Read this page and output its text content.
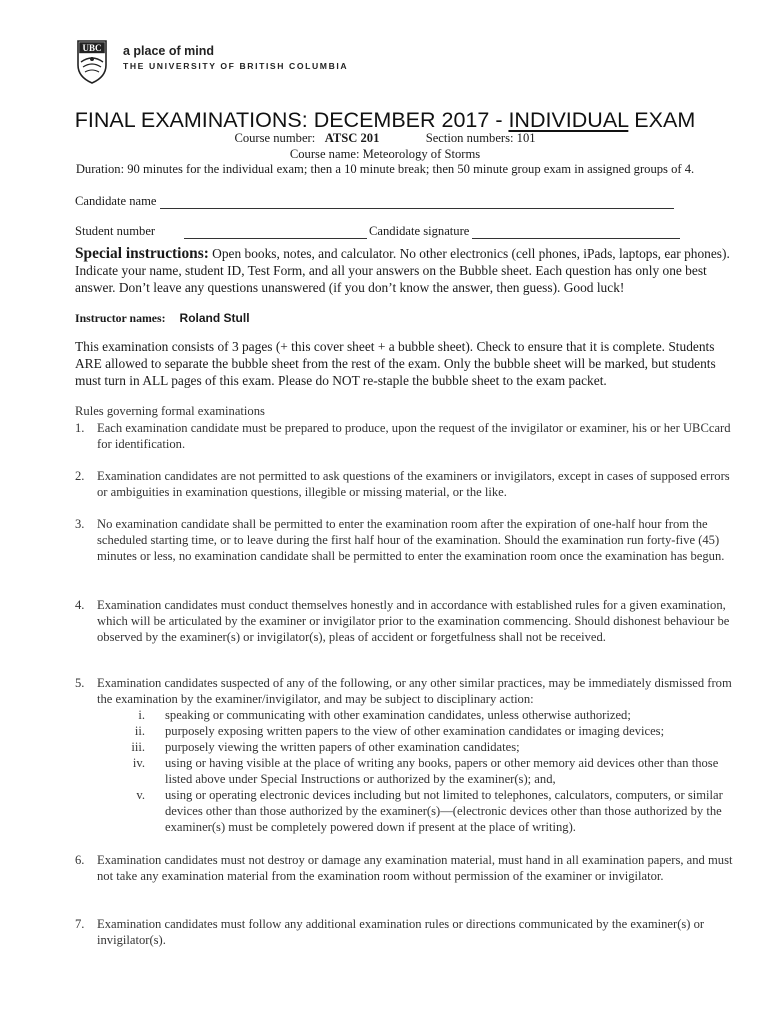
UBC a place of mind
THE UNIVERSITY OF BRITISH COLUMBIA
FINAL EXAMINATIONS: DECEMBER 2017 - INDIVIDUAL EXAM
Course number: ATSC 201	Section numbers: 101
Course name: Meteorology of Storms
Duration: 90 minutes for the individual exam; then a 10 minute break; then 50 minute group exam in assigned groups of 4.
Candidate name
Student number	Candidate signature
Special instructions: Open books, notes, and calculator. No other electronics (cell phones, iPads, laptops, ear phones). Indicate your name, student ID, Test Form, and all your answers on the Bubble sheet. Each question has only one best answer. Don’t leave any questions unanswered (if you don’t know the answer, then guess). Good luck!
Instructor names: Roland Stull
This examination consists of 3 pages (+ this cover sheet + a bubble sheet). Check to ensure that it is complete. Students ARE allowed to separate the bubble sheet from the rest of the exam. Only the bubble sheet will be marked, but students must turn in ALL pages of this exam. Please do NOT re-staple the bubble sheet to the exam packet.
Rules governing formal examinations
1. Each examination candidate must be prepared to produce, upon the request of the invigilator or examiner, his or her UBCcard for identification.
2. Examination candidates are not permitted to ask questions of the examiners or invigilators, except in cases of supposed errors or ambiguities in examination questions, illegible or missing material, or the like.
3. No examination candidate shall be permitted to enter the examination room after the expiration of one-half hour from the scheduled starting time, or to leave during the first half hour of the examination. Should the examination run forty-five (45) minutes or less, no examination candidate shall be permitted to enter the examination room once the examination has begun.
4. Examination candidates must conduct themselves honestly and in accordance with established rules for a given examination, which will be articulated by the examiner or invigilator prior to the examination commencing. Should dishonest behaviour be observed by the examiner(s) or invigilator(s), pleas of accident or forgetfulness shall not be received.
5. Examination candidates suspected of any of the following, or any other similar practices, may be immediately dismissed from the examination by the examiner/invigilator, and may be subject to disciplinary action:
i. speaking or communicating with other examination candidates, unless otherwise authorized;
ii. purposely exposing written papers to the view of other examination candidates or imaging devices;
iii. purposely viewing the written papers of other examination candidates;
iv. using or having visible at the place of writing any books, papers or other memory aid devices other than those listed above under Special Instructions or authorized by the examiner(s); and,
v. using or operating electronic devices including but not limited to telephones, calculators, computers, or similar devices other than those authorized by the examiner(s)—(electronic devices other than those authorized by the examiner(s) must be completely powered down if present at the place of writing).
6. Examination candidates must not destroy or damage any examination material, must hand in all examination papers, and must not take any examination material from the examination room without permission of the examiner or invigilator.
7. Examination candidates must follow any additional examination rules or directions communicated by the examiner(s) or invigilator(s).
